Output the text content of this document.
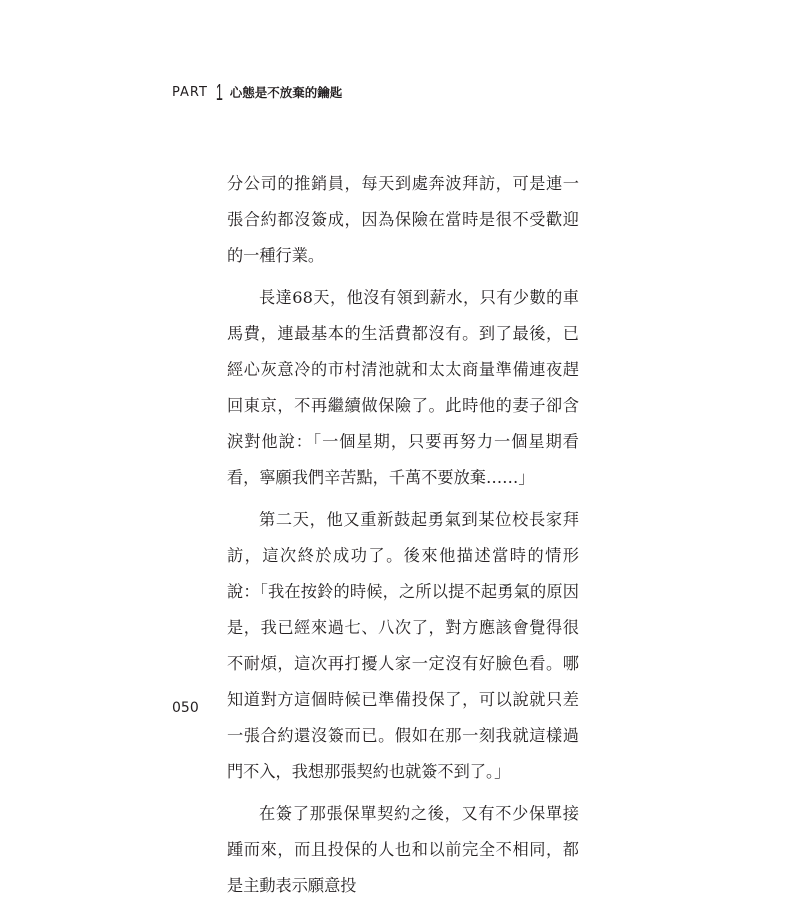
PART 1 心態是不放棄的鑰匙

分公司的推銷員，每天到處奔波拜訪，可是連一張合約都沒簽成，因為保險在當時是很不受歡迎的一種行業。

長達68天，他沒有領到薪水，只有少數的車馬費，連最基本的生活費都沒有。到了最後，已經心灰意冷的市村清池就和太太商量準備連夜趕回東京，不再繼續做保險了。此時他的妻子卻含淚對他說：「一個星期，只要再努力一個星期看看，寧願我們辛苦點，千萬不要放棄……」

第二天，他又重新鼓起勇氣到某位校長家拜訪，這次終於成功了。後來他描述當時的情形說：「我在按鈴的時候，之所以提不起勇氣的原因是，我已經來過七、八次了，對方應該會覺得很不耐煩，這次再打擾人家一定沒有好臉色看。哪知道對方這個時候已準備投保了，可以說就只差一張合約還沒簽而已。假如在那一刻我就這樣過門不入，我想那張契約也就簽不到了。」

在簽了那張保單契約之後，又有不少保單接踵而來，而且投保的人也和以前完全不相同，都是主動表示願意投

050
